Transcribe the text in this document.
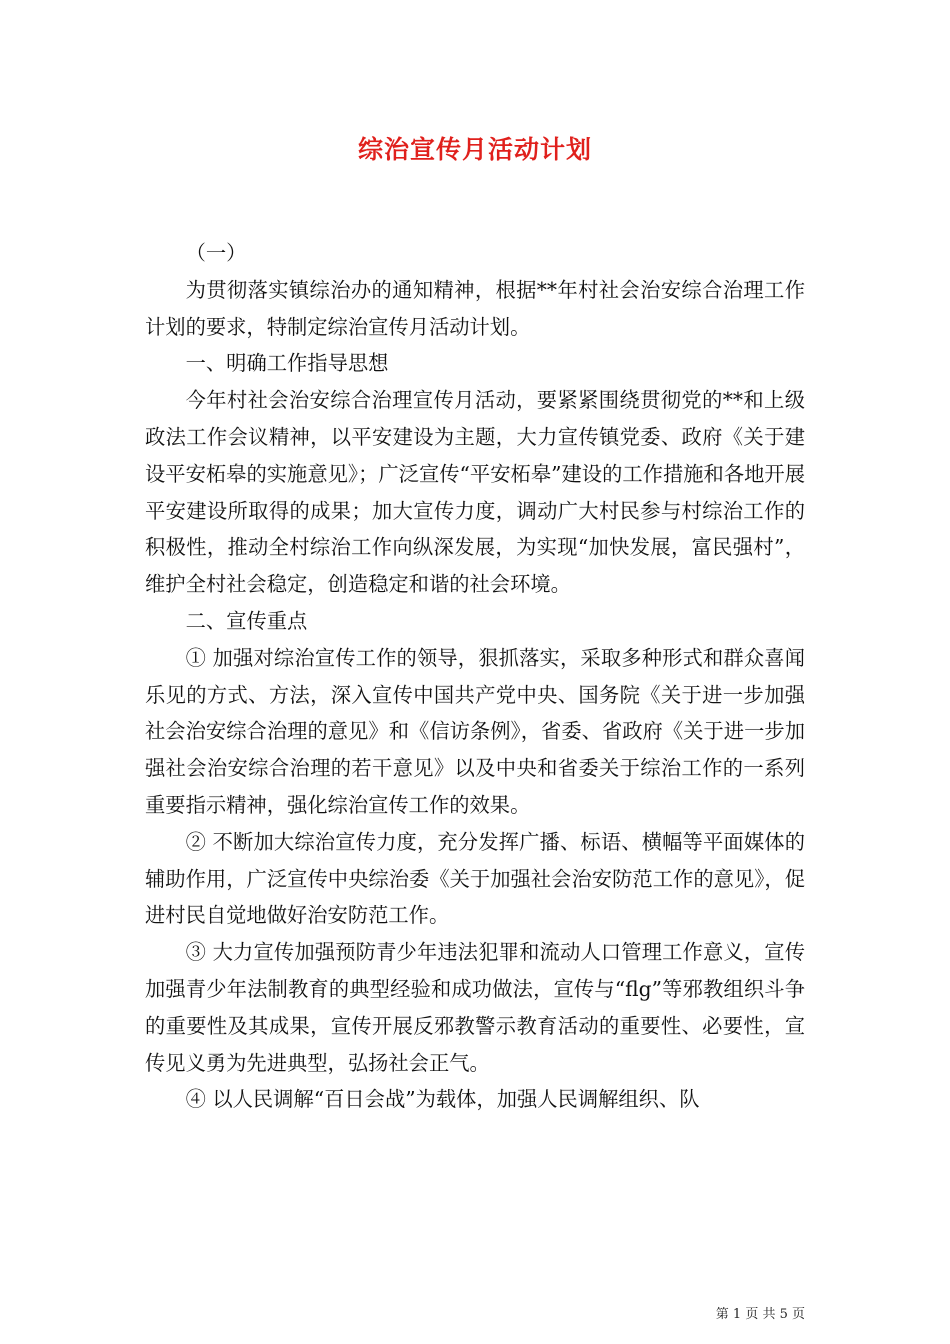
综治宣传月活动计划

（一）

为贯彻落实镇综治办的通知精神，根据**年村社会治安综合治理工作计划的要求，特制定综治宣传月活动计划。

一、明确工作指导思想

今年村社会治安综合治理宣传月活动，要紧紧围绕贯彻党的**和上级政法工作会议精神，以平安建设为主题，大力宣传镇党委、政府《关于建设平安柘皋的实施意见》；广泛宣传“平安柘皋”建设的工作措施和各地开展平安建设所取得的成果；加大宣传力度，调动广大村民参与村综治工作的积极性，推动全村综治工作向纵深发展，为实现“加快发展，富民强村”，维护全村社会稳定，创造稳定和谐的社会环境。

二、宣传重点

① 加强对综治宣传工作的领导，狠抓落实，采取多种形式和群众喜闻乐见的方式、方法，深入宣传中国共产党中央、国务院《关于进一步加强社会治安综合治理的意见》和《信访条例》，省委、省政府《关于进一步加强社会治安综合治理的若干意见》以及中央和省委关于综治工作的一系列重要指示精神，强化综治宣传工作的效果。

② 不断加大综治宣传力度，充分发挥广播、标语、横幅等平面媒体的辅助作用，广泛宣传中央综治委《关于加强社会治安防范工作的意见》，促进村民自觉地做好治安防范工作。

③ 大力宣传加强预防青少年违法犯罪和流动人口管理工作意义，宣传加强青少年法制教育的典型经验和成功做法，宣传与“flg”等邪教组织斗争的重要性及其成果，宣传开展反邪教警示教育活动的重要性、必要性，宣传见义勇为先进典型，弘扬社会正气。

④ 以人民调解“百日会战”为载体，加强人民调解组织、队

第 1 页 共 5 页
